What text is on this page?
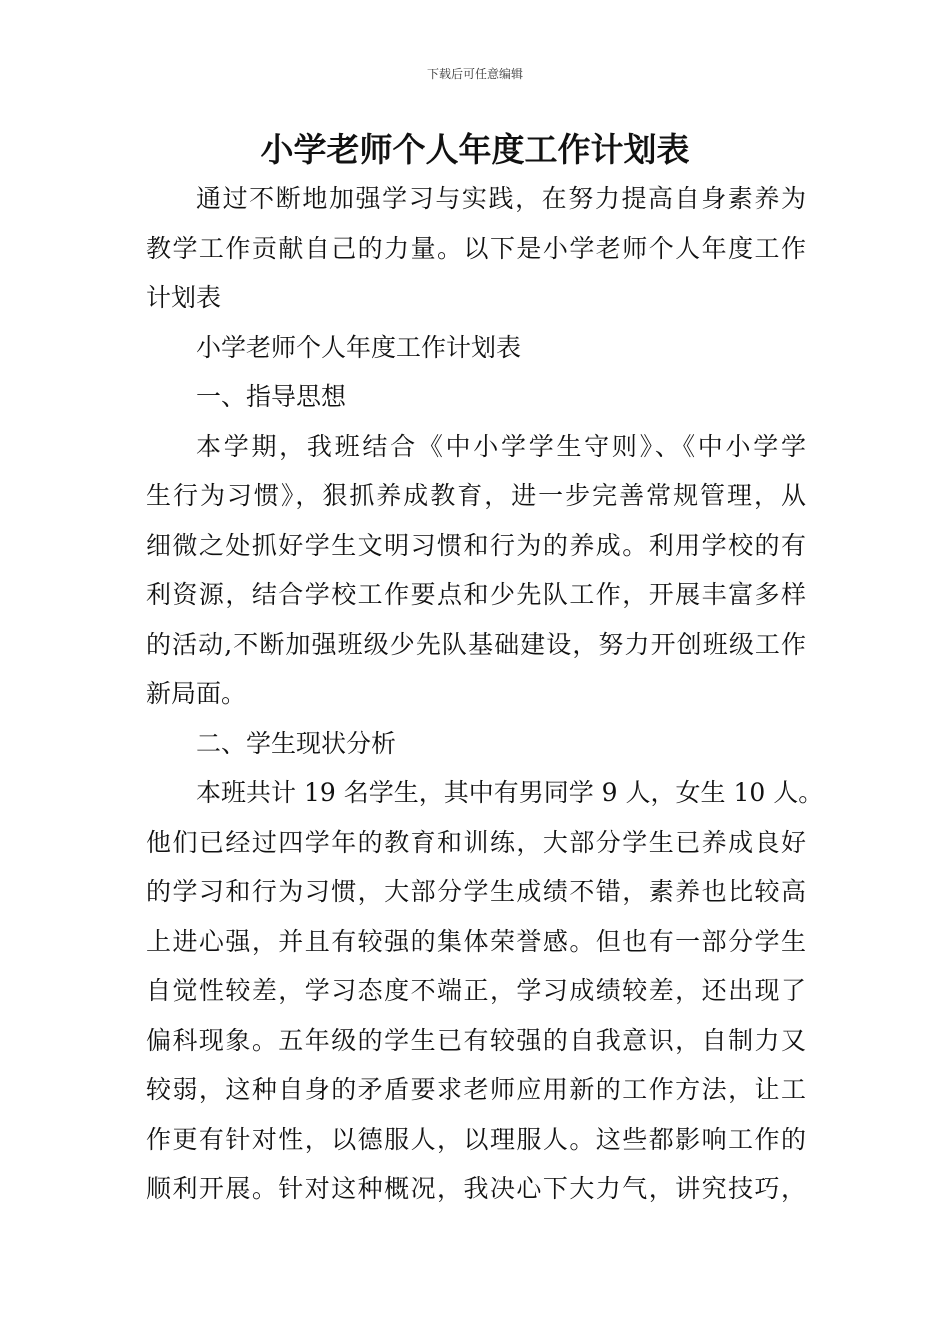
下载后可任意编辑
小学老师个人年度工作计划表
通过不断地加强学习与实践，在努力提高自身素养为
教学工作贡献自己的力量。以下是小学老师个人年度工作
计划表
小学老师个人年度工作计划表
一、指导思想
本学期，我班结合《中小学学生守则》、《中小学学
生行为习惯》，狠抓养成教育，进一步完善常规管理，从
细微之处抓好学生文明习惯和行为的养成。利用学校的有
利资源，结合学校工作要点和少先队工作，开展丰富多样
的活动,不断加强班级少先队基础建设，努力开创班级工作
新局面。
二、学生现状分析
本班共计 19 名学生，其中有男同学 9 人，女生 10 人。
他们已经过四学年的教育和训练，大部分学生已养成良好
的学习和行为习惯，大部分学生成绩不错，素养也比较高
上进心强，并且有较强的集体荣誉感。但也有一部分学生
自觉性较差，学习态度不端正，学习成绩较差，还出现了
偏科现象。五年级的学生已有较强的自我意识，自制力又
较弱，这种自身的矛盾要求老师应用新的工作方法，让工
作更有针对性，以德服人，以理服人。这些都影响工作的
顺利开展。针对这种概况，我决心下大力气，讲究技巧，
